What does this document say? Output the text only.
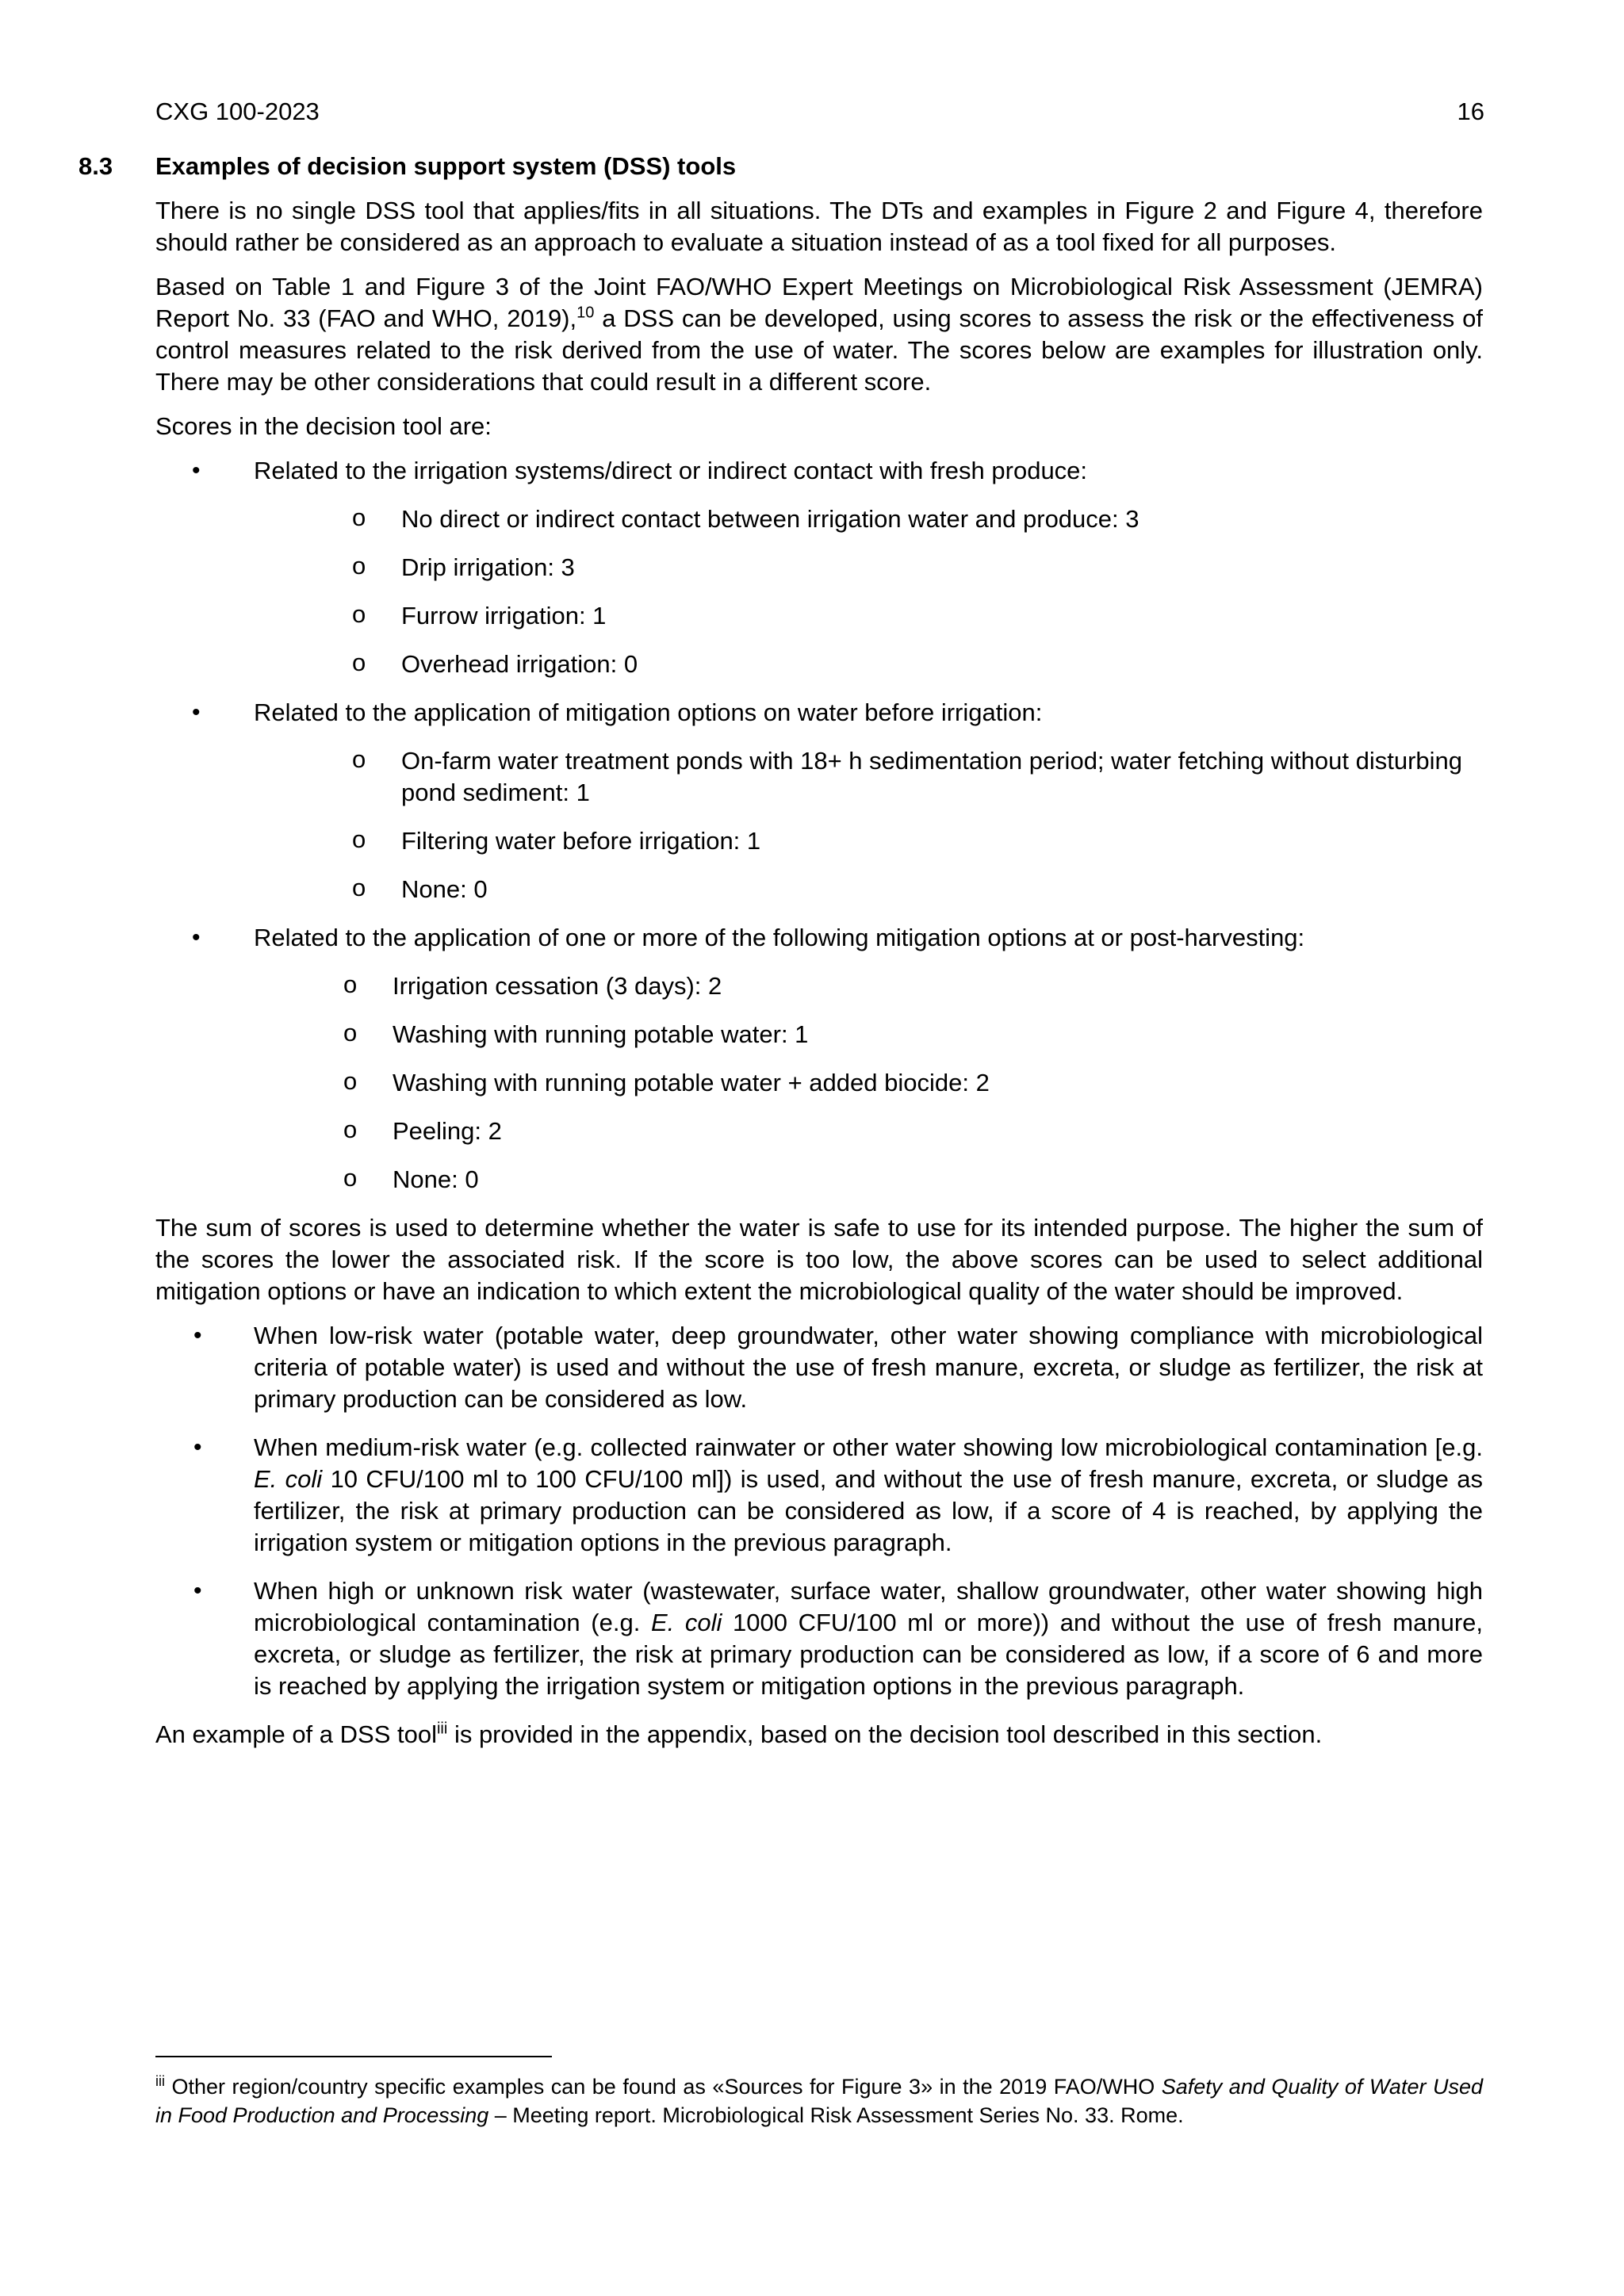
CXG 100-2023	16
8.3 Examples of decision support system (DSS) tools

There is no single DSS tool that applies/fits in all situations. The DTs and examples in Figure 2 and Figure 4, therefore should rather be considered as an approach to evaluate a situation instead of as a tool fixed for all purposes.

Based on Table 1 and Figure 3 of the Joint FAO/WHO Expert Meetings on Microbiological Risk Assessment (JEMRA) Report No. 33 (FAO and WHO, 2019),$^{10}$ a DSS can be developed, using scores to assess the risk or the effectiveness of control measures related to the risk derived from the use of water. The scores below are examples for illustration only. There may be other considerations that could result in a different score.

Scores in the decision tool are:

• Related to the irrigation systems/direct or indirect contact with fresh produce:
o No direct or indirect contact between irrigation water and produce: 3
o Drip irrigation: 3
o Furrow irrigation: 1
o Overhead irrigation: 0
• Related to the application of mitigation options on water before irrigation:
o On-farm water treatment ponds with 18+ h sedimentation period; water fetching without disturbing pond sediment: 1
o Filtering water before irrigation: 1
o None: 0
• Related to the application of one or more of the following mitigation options at or post-harvesting:
o Irrigation cessation (3 days): 2
o Washing with running potable water: 1
o Washing with running potable water + added biocide: 2
o Peeling: 2
o None: 0

The sum of scores is used to determine whether the water is safe to use for its intended purpose. The higher the sum of the scores the lower the associated risk. If the score is too low, the above scores can be used to select additional mitigation options or have an indication to which extent the microbiological quality of the water should be improved.

• When low-risk water (potable water, deep groundwater, other water showing compliance with microbiological criteria of potable water) is used and without the use of fresh manure, excreta, or sludge as fertilizer, the risk at primary production can be considered as low.
• When medium-risk water (e.g. collected rainwater or other water showing low microbiological contamination [e.g. E. coli 10 CFU/100 ml to 100 CFU/100 ml]) is used, and without the use of fresh manure, excreta, or sludge as fertilizer, the risk at primary production can be considered as low, if a score of 4 is reached, by applying the irrigation system or mitigation options in the previous paragraph.
• When high or unknown risk water (wastewater, surface water, shallow groundwater, other water showing high microbiological contamination (e.g. E. coli 1000 CFU/100 ml or more)) and without the use of fresh manure, excreta, or sludge as fertilizer, the risk at primary production can be considered as low, if a score of 6 and more is reached by applying the irrigation system or mitigation options in the previous paragraph.

An example of a DSS tool$^{iii}$ is provided in the appendix, based on the decision tool described in this section.

$^{iii}$ Other region/country specific examples can be found as «Sources for Figure 3» in the 2019 FAO/WHO Safety and Quality of Water Used in Food Production and Processing – Meeting report. Microbiological Risk Assessment Series No. 33. Rome.
